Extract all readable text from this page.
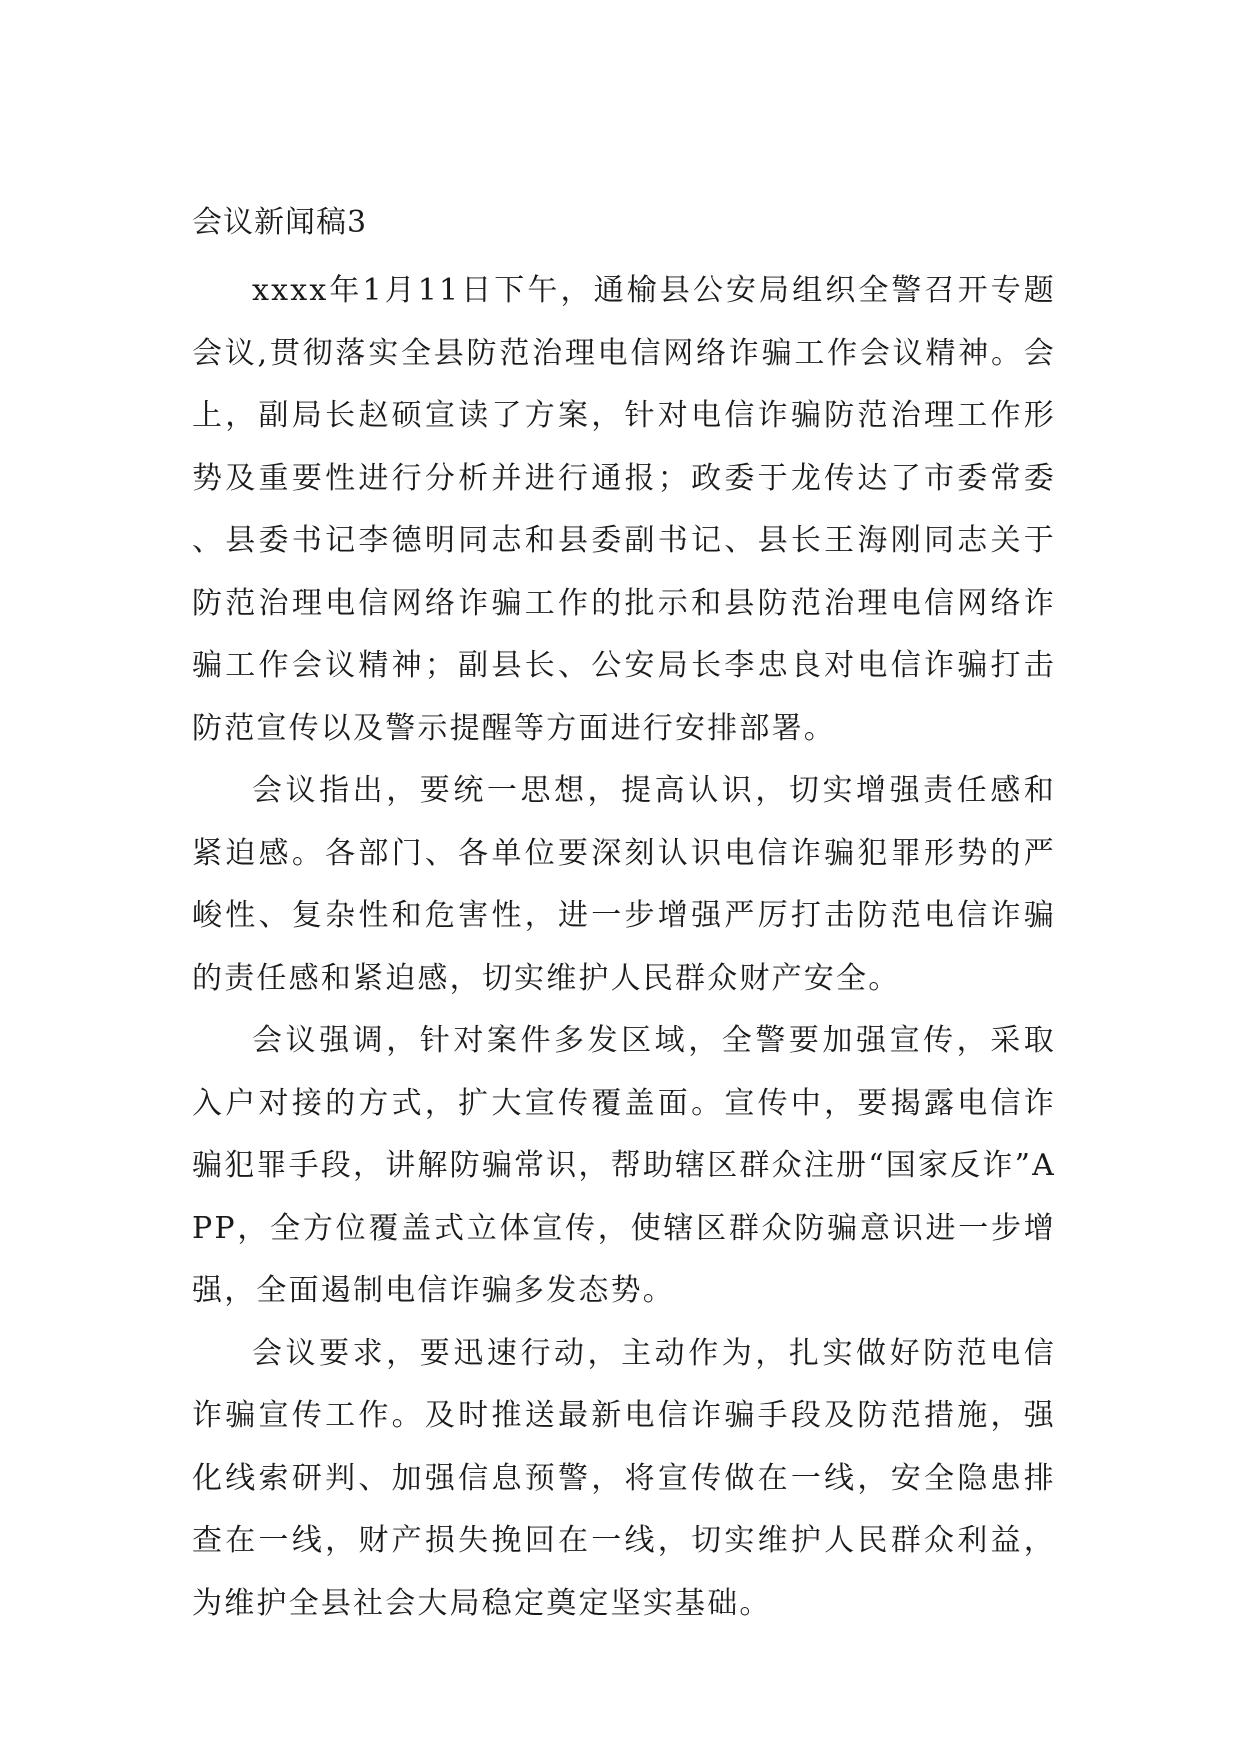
会议新闻稿3

xxxx年1月11日下午，通榆县公安局组织全警召开专题会议,贯彻落实全县防范治理电信网络诈骗工作会议精神。会上，副局长赵硕宣读了方案，针对电信诈骗防范治理工作形势及重要性进行分析并进行通报；政委于龙传达了市委常委、县委书记李德明同志和县委副书记、县长王海刚同志关于防范治理电信网络诈骗工作的批示和县防范治理电信网络诈骗工作会议精神；副县长、公安局长李忠良对电信诈骗打击防范宣传以及警示提醒等方面进行安排部署。

会议指出，要统一思想，提高认识，切实增强责任感和紧迫感。各部门、各单位要深刻认识电信诈骗犯罪形势的严峻性、复杂性和危害性，进一步增强严厉打击防范电信诈骗的责任感和紧迫感，切实维护人民群众财产安全。

会议强调，针对案件多发区域，全警要加强宣传，采取入户对接的方式，扩大宣传覆盖面。宣传中，要揭露电信诈骗犯罪手段，讲解防骗常识，帮助辖区群众注册“国家反诈”APP，全方位覆盖式立体宣传，使辖区群众防骗意识进一步增强，全面遏制电信诈骗多发态势。

会议要求，要迅速行动，主动作为，扎实做好防范电信诈骗宣传工作。及时推送最新电信诈骗手段及防范措施，强化线索研判、加强信息预警，将宣传做在一线，安全隐患排查在一线，财产损失挽回在一线，切实维护人民群众利益，为维护全县社会大局稳定奠定坚实基础。
